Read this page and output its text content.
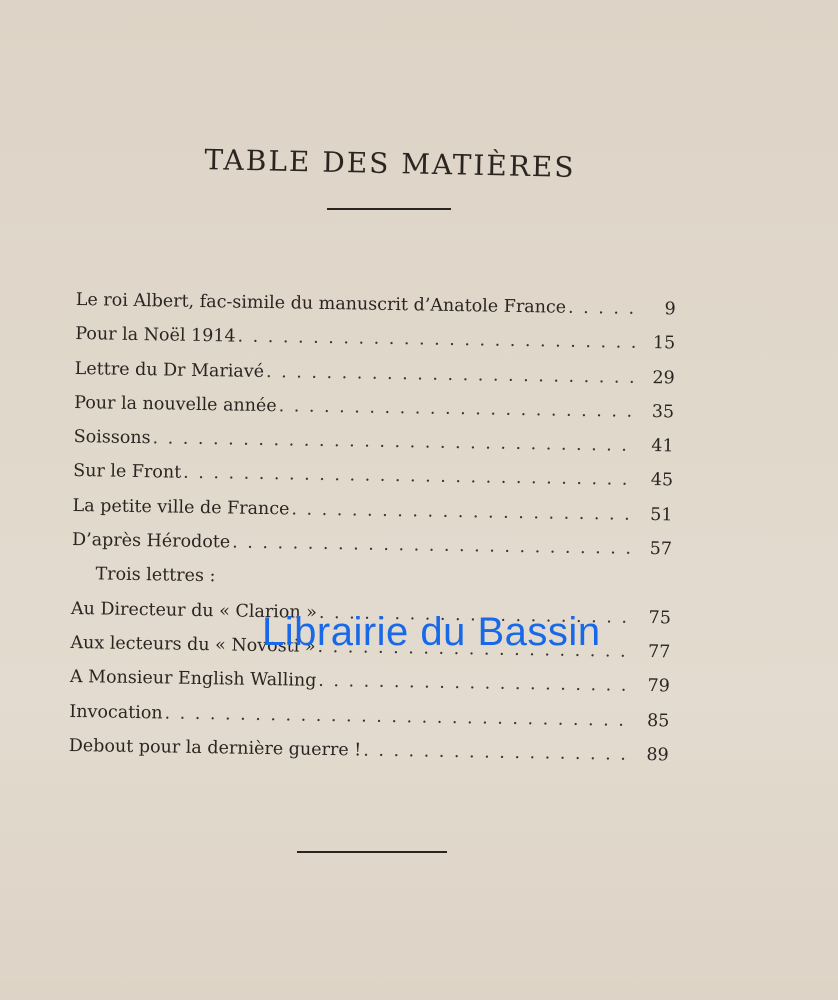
TABLE DES MATIÈRES
Le roi Albert, fac-simile du manuscrit d’Anatole France . . .	9
Pour la Noël 1914 . . .	15
Lettre du Dr Mariavé . . .	29
Pour la nouvelle année . . .	35
Soissons . . .	41
Sur le Front . . .	45
La petite ville de France . . .	51
D’après Hérodote . . .	57
Trois lettres :
Au Directeur du « Clarion » . . .	75
Aux lecteurs du « Novosti » . . .	77
A Monsieur English Walling . . .	79
Invocation . . .	85
Debout pour la dernière guerre ! . . .	89
Librairie du Bassin
